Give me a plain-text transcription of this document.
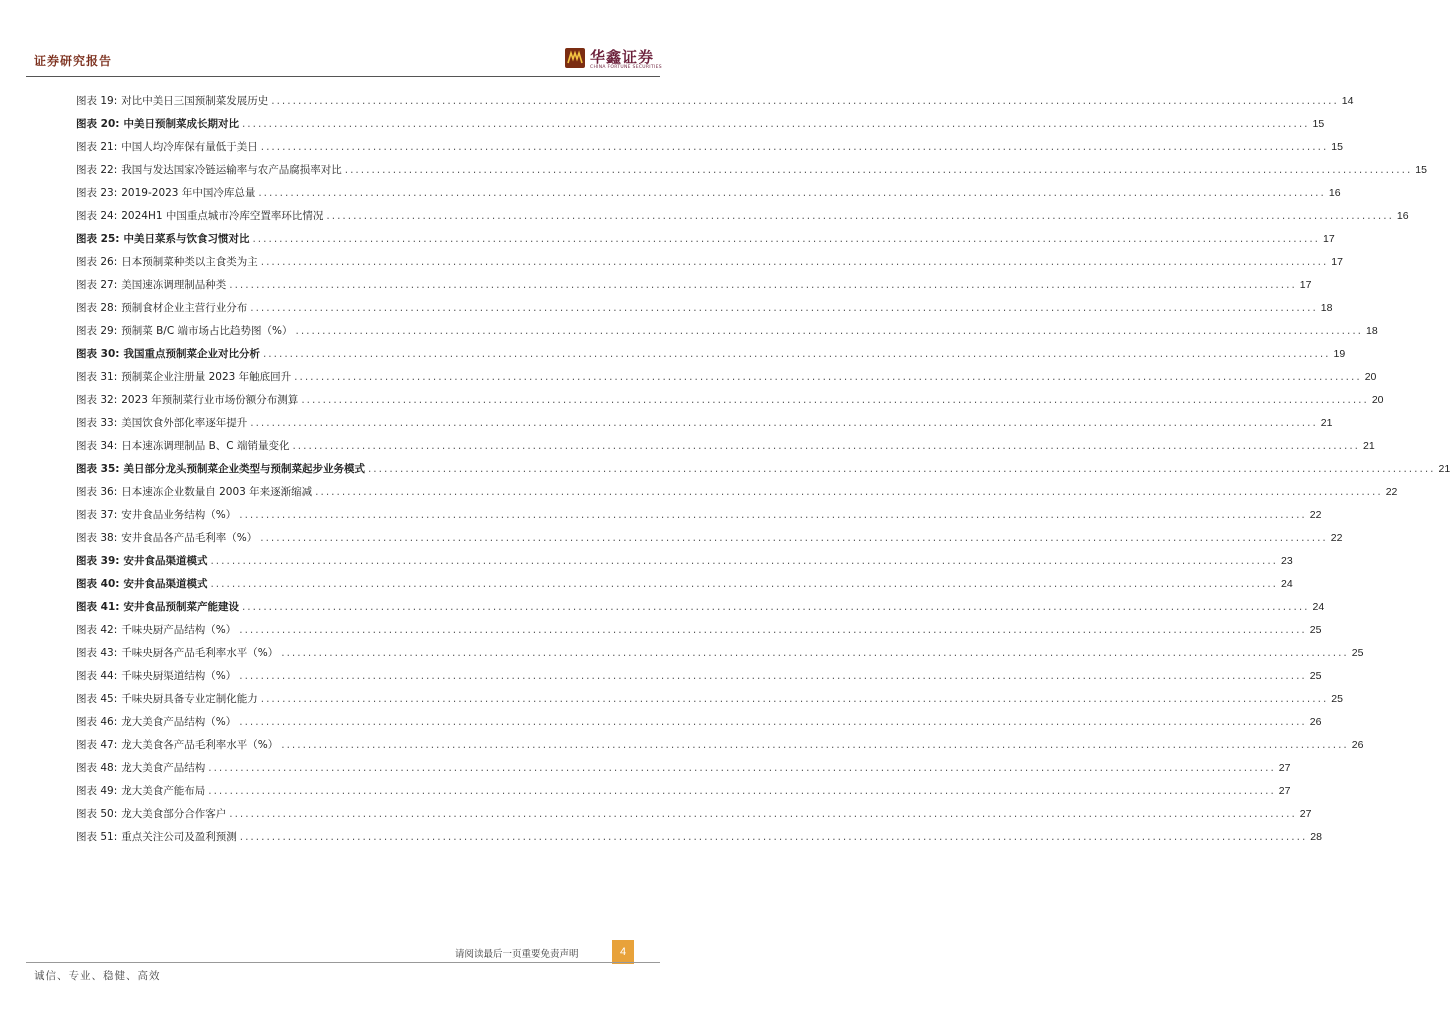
证券研究报告	华鑫证券
CHINA FORTUNE SECURITIES
图表 19: 对比中美日三国预制菜发展历史 ........................................................................................................................................................................................................ 14
图表 20: 中美日预制菜成长期对比 ........................................................................................................................................................................................................ 15
图表 21: 中国人均冷库保有量低于美日 ........................................................................................................................................................................................................ 15
图表 22: 我国与发达国家冷链运输率与农产品腐损率对比 ........................................................................................................................................................................................................ 15
图表 23: 2019-2023 年中国冷库总量 ........................................................................................................................................................................................................ 16
图表 24: 2024H1 中国重点城市冷库空置率环比情况 ........................................................................................................................................................................................................ 16
图表 25: 中美日菜系与饮食习惯对比 ........................................................................................................................................................................................................ 17
图表 26: 日本预制菜种类以主食类为主 ........................................................................................................................................................................................................ 17
图表 27: 美国速冻调理制品种类 ........................................................................................................................................................................................................ 17
图表 28: 预制食材企业主营行业分布 ........................................................................................................................................................................................................ 18
图表 29: 预制菜 B/C 端市场占比趋势图（%） ........................................................................................................................................................................................................ 18
图表 30: 我国重点预制菜企业对比分析 ........................................................................................................................................................................................................ 19
图表 31: 预制菜企业注册量 2023 年触底回升 ........................................................................................................................................................................................................ 20
图表 32: 2023 年预制菜行业市场份额分布测算 ........................................................................................................................................................................................................ 20
图表 33: 美国饮食外部化率逐年提升 ........................................................................................................................................................................................................ 21
图表 34: 日本速冻调理制品 B、C 端销量变化 ........................................................................................................................................................................................................ 21
图表 35: 美日部分龙头预制菜企业类型与预制菜起步业务模式 ........................................................................................................................................................................................................ 21
图表 36: 日本速冻企业数量自 2003 年来逐渐缩减 ........................................................................................................................................................................................................ 22
图表 37: 安井食品业务结构（%） ........................................................................................................................................................................................................ 22
图表 38: 安井食品各产品毛利率（%） ........................................................................................................................................................................................................ 22
图表 39: 安井食品渠道模式 ........................................................................................................................................................................................................ 23
图表 40: 安井食品渠道模式 ........................................................................................................................................................................................................ 24
图表 41: 安井食品预制菜产能建设 ........................................................................................................................................................................................................ 24
图表 42: 千味央厨产品结构（%） ........................................................................................................................................................................................................ 25
图表 43: 千味央厨各产品毛利率水平（%） ........................................................................................................................................................................................................ 25
图表 44: 千味央厨渠道结构（%） ........................................................................................................................................................................................................ 25
图表 45: 千味央厨具备专业定制化能力 ........................................................................................................................................................................................................ 25
图表 46: 龙大美食产品结构（%） ........................................................................................................................................................................................................ 26
图表 47: 龙大美食各产品毛利率水平（%） ........................................................................................................................................................................................................ 26
图表 48: 龙大美食产品结构 ........................................................................................................................................................................................................ 27
图表 49: 龙大美食产能布局 ........................................................................................................................................................................................................ 27
图表 50: 龙大美食部分合作客户 ........................................................................................................................................................................................................ 27
图表 51: 重点关注公司及盈利预测 ........................................................................................................................................................................................................ 28
请阅读最后一页重要免责声明	4
诚信、专业、稳健、高效
